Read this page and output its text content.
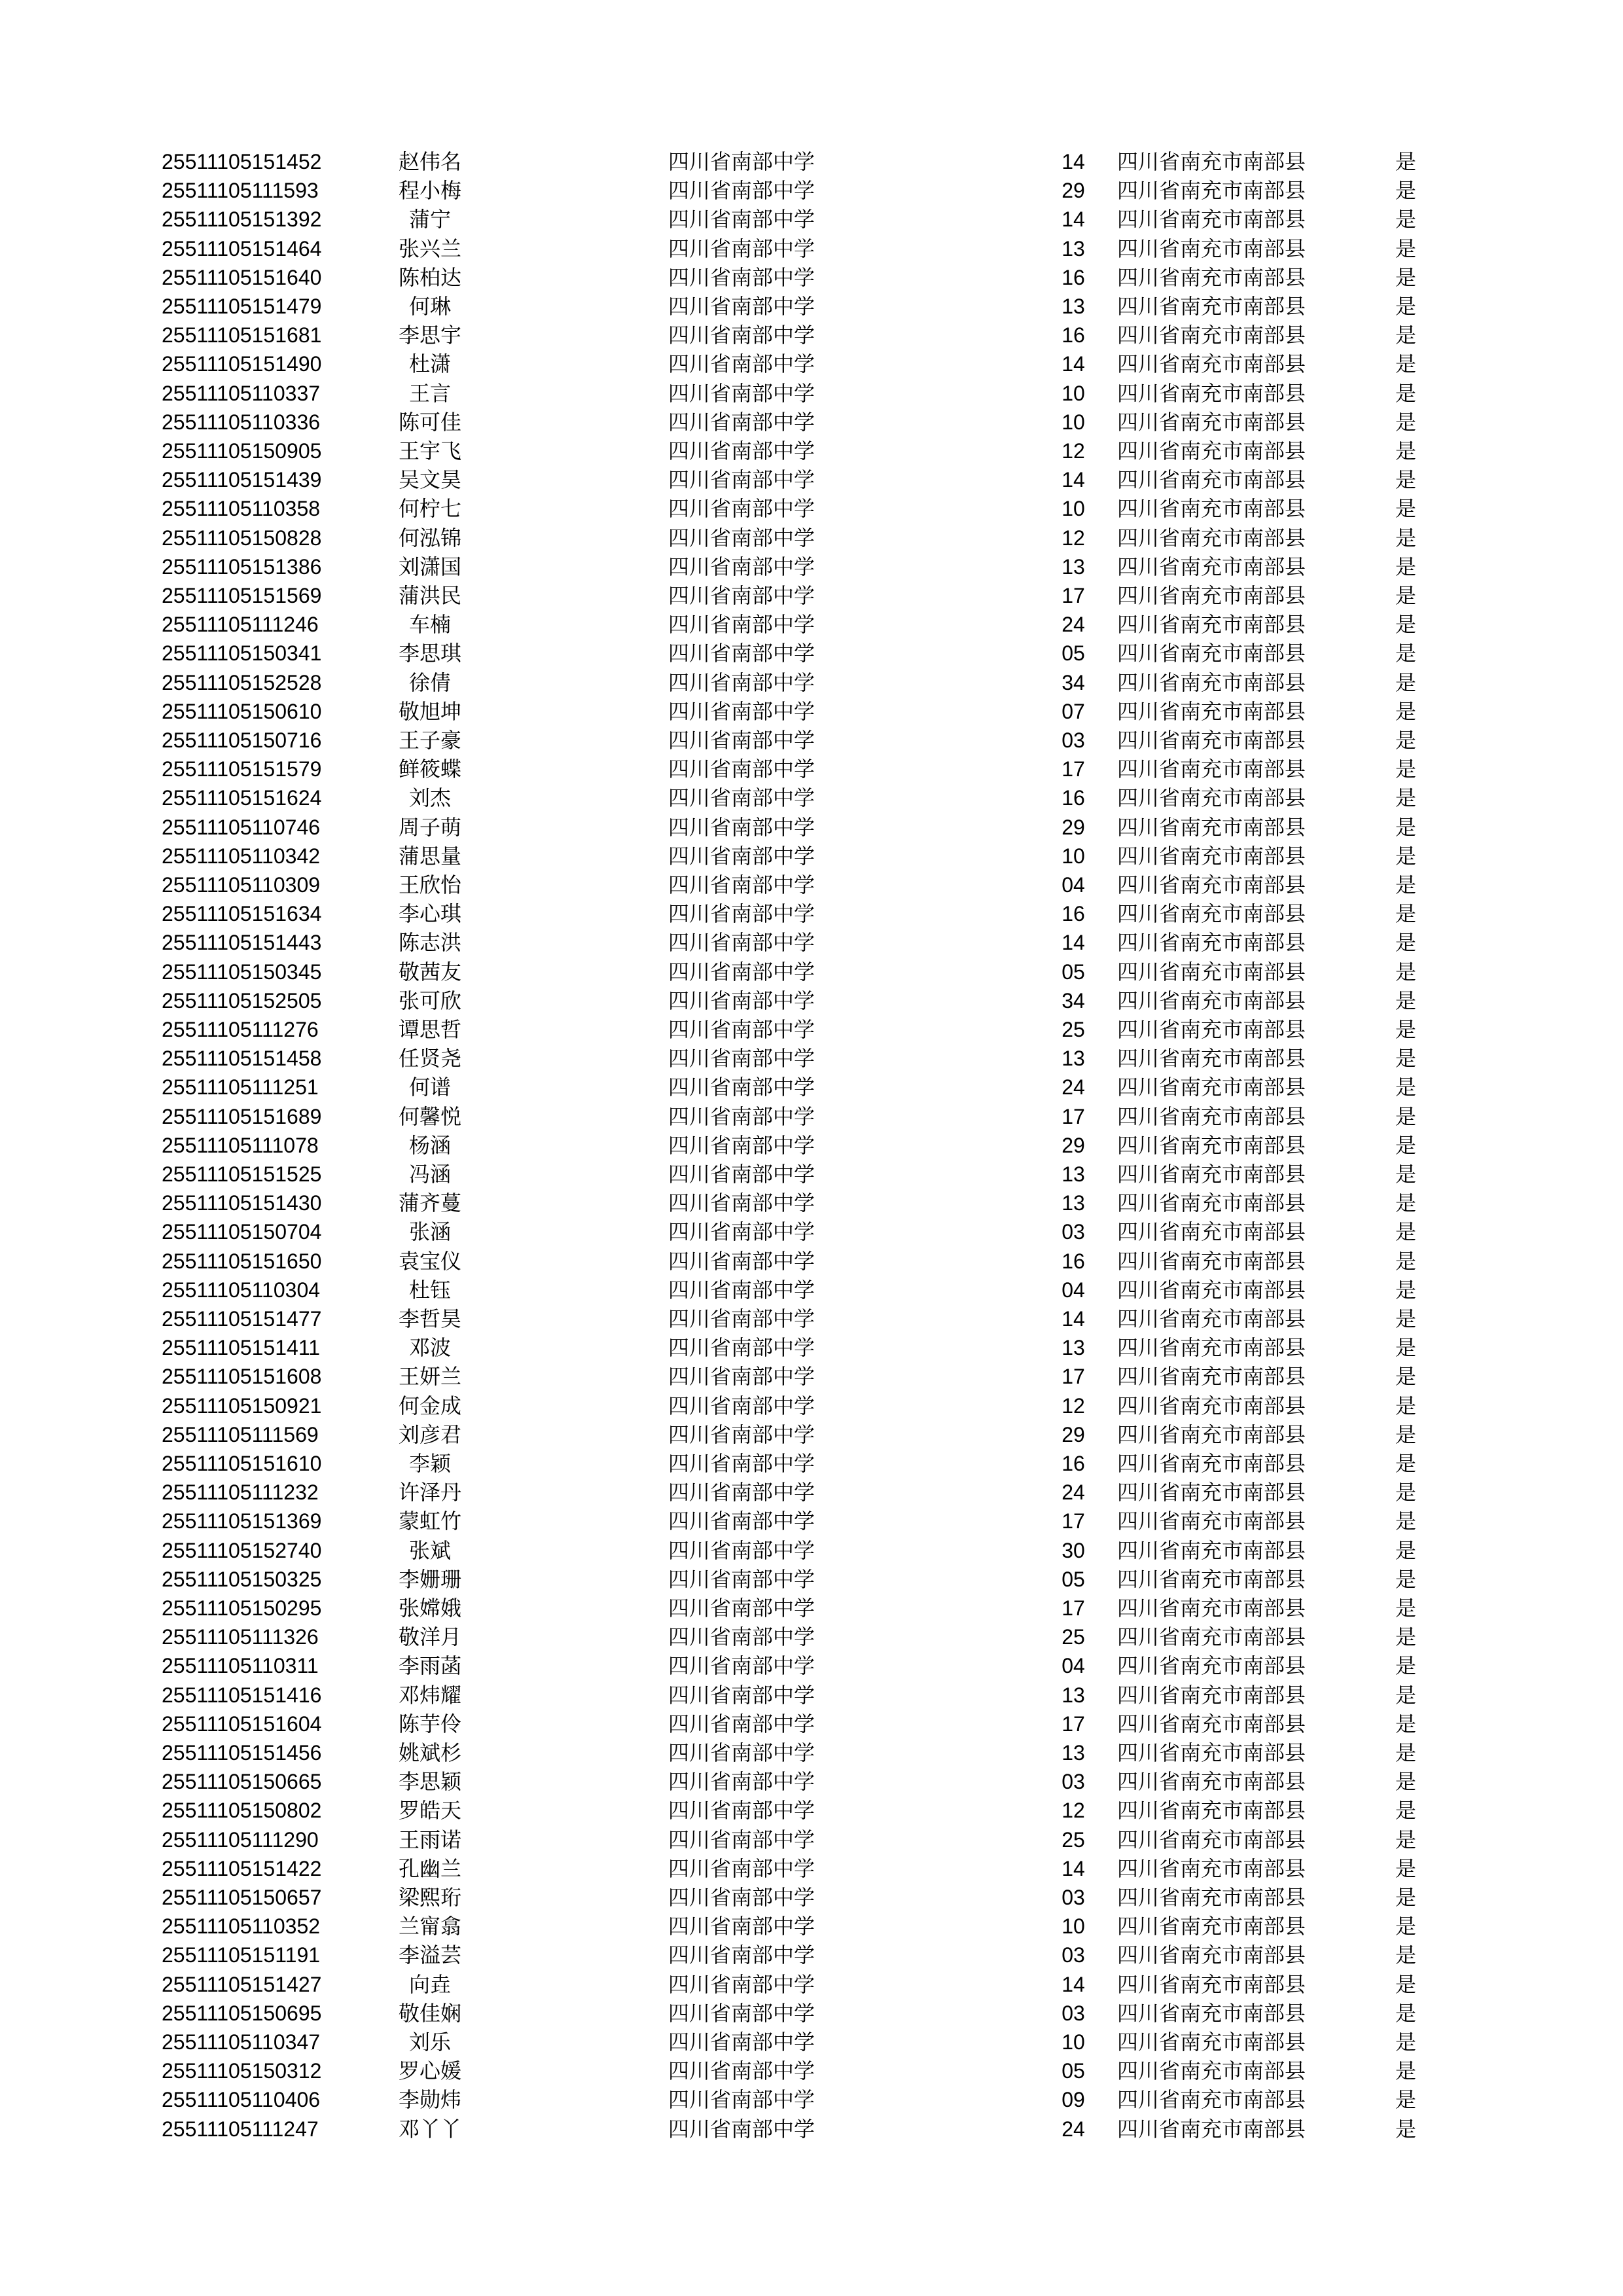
25511105151452	赵伟名	四川省南部中学	14	四川省南充市南部县	是
25511105111593	程小梅	四川省南部中学	29	四川省南充市南部县	是
25511105151392	蒲宁	四川省南部中学	14	四川省南充市南部县	是
25511105151464	张兴兰	四川省南部中学	13	四川省南充市南部县	是
25511105151640	陈柏达	四川省南部中学	16	四川省南充市南部县	是
25511105151479	何琳	四川省南部中学	13	四川省南充市南部县	是
25511105151681	李思宇	四川省南部中学	16	四川省南充市南部县	是
25511105151490	杜潇	四川省南部中学	14	四川省南充市南部县	是
25511105110337	王言	四川省南部中学	10	四川省南充市南部县	是
25511105110336	陈可佳	四川省南部中学	10	四川省南充市南部县	是
25511105150905	王宇飞	四川省南部中学	12	四川省南充市南部县	是
25511105151439	吴文昊	四川省南部中学	14	四川省南充市南部县	是
25511105110358	何柠七	四川省南部中学	10	四川省南充市南部县	是
25511105150828	何泓锦	四川省南部中学	12	四川省南充市南部县	是
25511105151386	刘潇国	四川省南部中学	13	四川省南充市南部县	是
25511105151569	蒲洪民	四川省南部中学	17	四川省南充市南部县	是
25511105111246	车楠	四川省南部中学	24	四川省南充市南部县	是
25511105150341	李思琪	四川省南部中学	05	四川省南充市南部县	是
25511105152528	徐倩	四川省南部中学	34	四川省南充市南部县	是
25511105150610	敬旭坤	四川省南部中学	07	四川省南充市南部县	是
25511105150716	王子豪	四川省南部中学	03	四川省南充市南部县	是
25511105151579	鲜筱蝶	四川省南部中学	17	四川省南充市南部县	是
25511105151624	刘杰	四川省南部中学	16	四川省南充市南部县	是
25511105110746	周子萌	四川省南部中学	29	四川省南充市南部县	是
25511105110342	蒲思量	四川省南部中学	10	四川省南充市南部县	是
25511105110309	王欣怡	四川省南部中学	04	四川省南充市南部县	是
25511105151634	李心琪	四川省南部中学	16	四川省南充市南部县	是
25511105151443	陈志洪	四川省南部中学	14	四川省南充市南部县	是
25511105150345	敬茜友	四川省南部中学	05	四川省南充市南部县	是
25511105152505	张可欣	四川省南部中学	34	四川省南充市南部县	是
25511105111276	谭思哲	四川省南部中学	25	四川省南充市南部县	是
25511105151458	任贤尧	四川省南部中学	13	四川省南充市南部县	是
25511105111251	何谱	四川省南部中学	24	四川省南充市南部县	是
25511105151689	何馨悦	四川省南部中学	17	四川省南充市南部县	是
25511105111078	杨涵	四川省南部中学	29	四川省南充市南部县	是
25511105151525	冯涵	四川省南部中学	13	四川省南充市南部县	是
25511105151430	蒲齐蔓	四川省南部中学	13	四川省南充市南部县	是
25511105150704	张涵	四川省南部中学	03	四川省南充市南部县	是
25511105151650	袁宝仪	四川省南部中学	16	四川省南充市南部县	是
25511105110304	杜钰	四川省南部中学	04	四川省南充市南部县	是
25511105151477	李哲昊	四川省南部中学	14	四川省南充市南部县	是
25511105151411	邓波	四川省南部中学	13	四川省南充市南部县	是
25511105151608	王妍兰	四川省南部中学	17	四川省南充市南部县	是
25511105150921	何金成	四川省南部中学	12	四川省南充市南部县	是
25511105111569	刘彦君	四川省南部中学	29	四川省南充市南部县	是
25511105151610	李颖	四川省南部中学	16	四川省南充市南部县	是
25511105111232	许泽丹	四川省南部中学	24	四川省南充市南部县	是
25511105151369	蒙虹竹	四川省南部中学	17	四川省南充市南部县	是
25511105152740	张斌	四川省南部中学	30	四川省南充市南部县	是
25511105150325	李姗珊	四川省南部中学	05	四川省南充市南部县	是
25511105150295	张嫦娥	四川省南部中学	17	四川省南充市南部县	是
25511105111326	敬洋月	四川省南部中学	25	四川省南充市南部县	是
25511105110311	李雨菡	四川省南部中学	04	四川省南充市南部县	是
25511105151416	邓炜耀	四川省南部中学	13	四川省南充市南部县	是
25511105151604	陈芋伶	四川省南部中学	17	四川省南充市南部县	是
25511105151456	姚斌杉	四川省南部中学	13	四川省南充市南部县	是
25511105150665	李思颖	四川省南部中学	03	四川省南充市南部县	是
25511105150802	罗皓天	四川省南部中学	12	四川省南充市南部县	是
25511105111290	王雨诺	四川省南部中学	25	四川省南充市南部县	是
25511105151422	孔幽兰	四川省南部中学	14	四川省南充市南部县	是
25511105150657	梁熙珩	四川省南部中学	03	四川省南充市南部县	是
25511105110352	兰甯翕	四川省南部中学	10	四川省南充市南部县	是
25511105151191	李溢芸	四川省南部中学	03	四川省南充市南部县	是
25511105151427	向垚	四川省南部中学	14	四川省南充市南部县	是
25511105150695	敬佳娴	四川省南部中学	03	四川省南充市南部县	是
25511105110347	刘乐	四川省南部中学	10	四川省南充市南部县	是
25511105150312	罗心媛	四川省南部中学	05	四川省南充市南部县	是
25511105110406	李勋炜	四川省南部中学	09	四川省南充市南部县	是
25511105111247	邓丫丫	四川省南部中学	24	四川省南充市南部县	是
